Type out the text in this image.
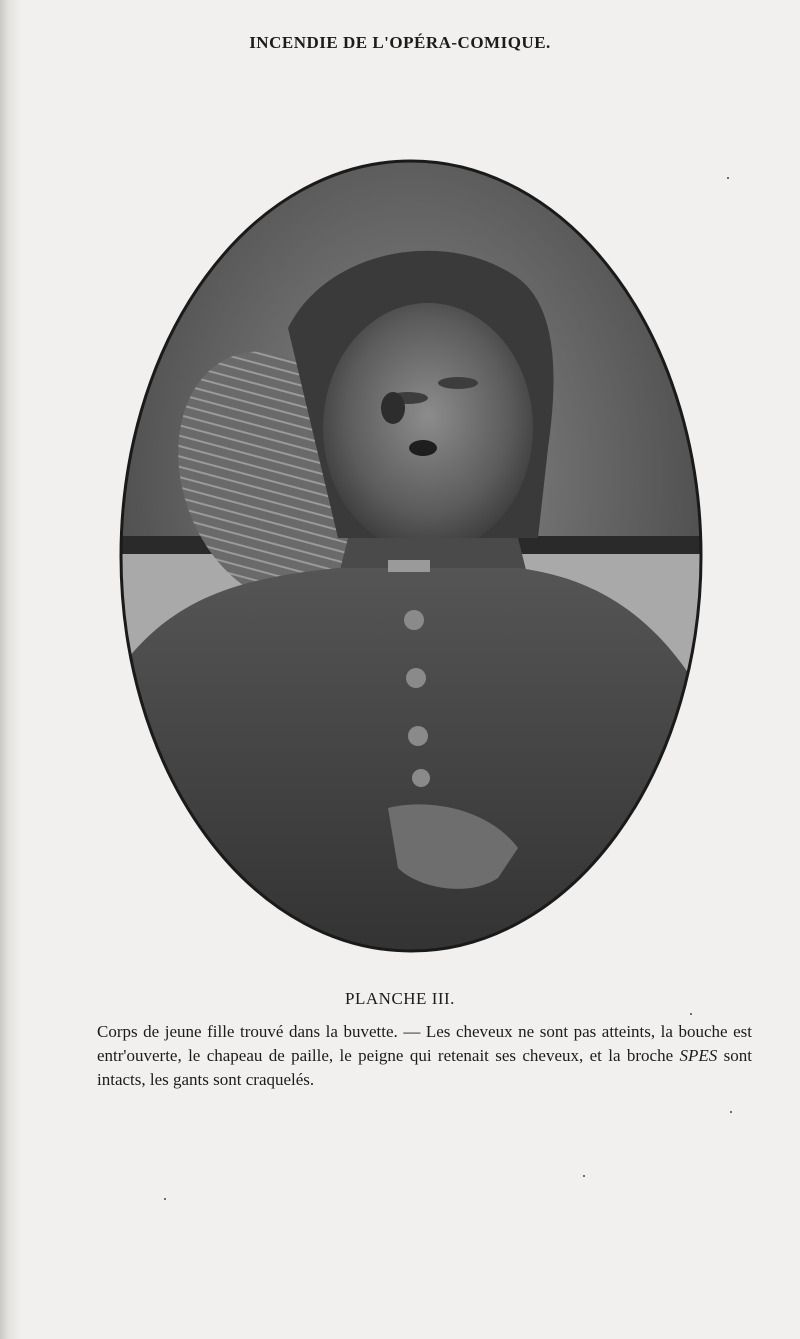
INCENDIE DE L'OPÉRA-COMIQUE.
PLANCHE III.

Corps de jeune fille trouvé dans la buvette. — Les cheveux ne sont pas atteints, la bouche est entr'ouverte, le chapeau de paille, le peigne qui retenait ses cheveux, et la broche SPES sont intacts, les gants sont craquelés.
